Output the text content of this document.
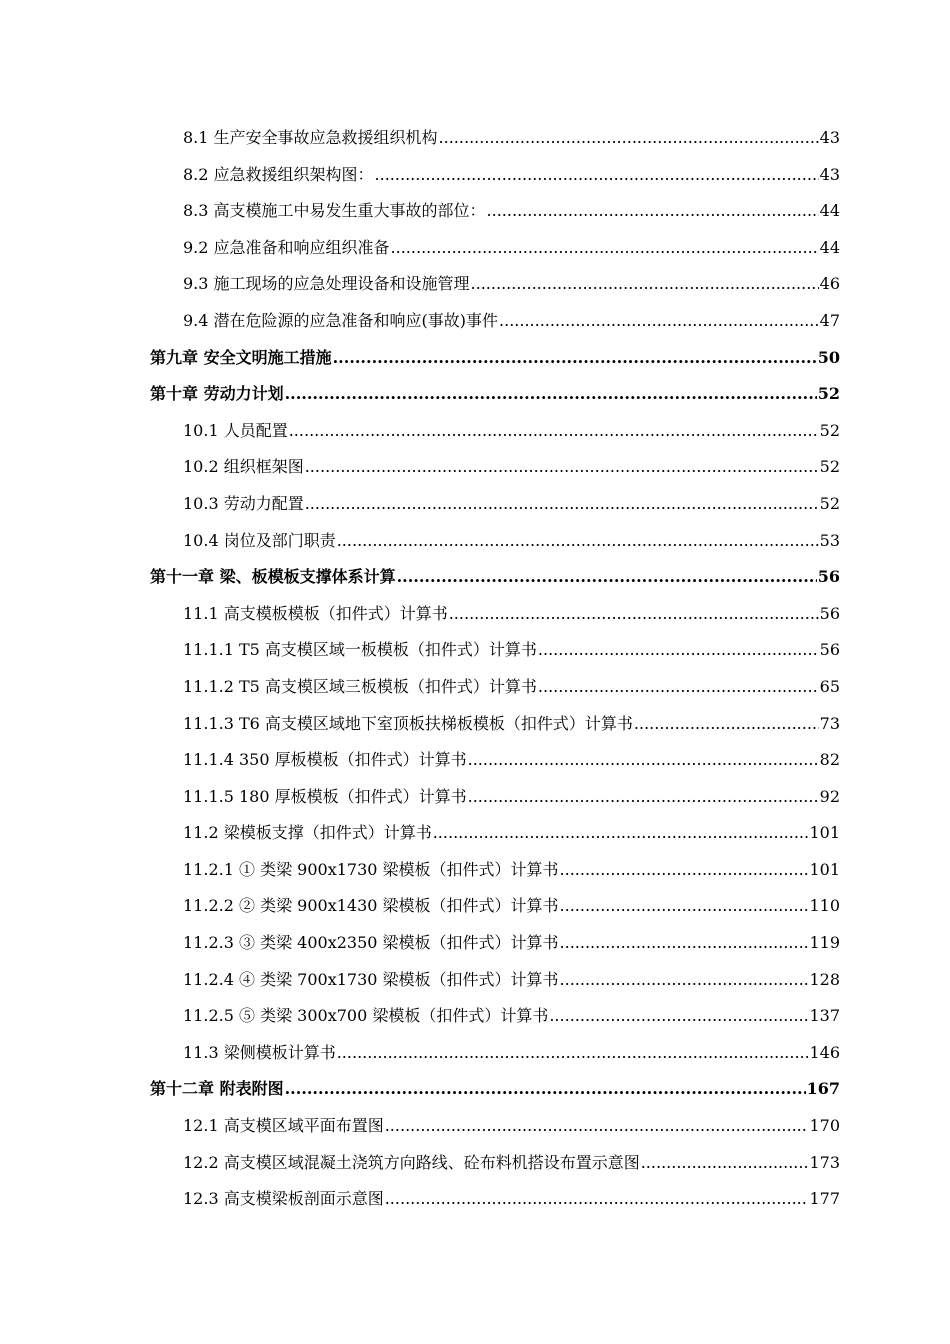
8.1 生产安全事故应急救援组织机构 .....	43
8.2 应急救援组织架构图： .....	43
8.3 高支模施工中易发生重大事故的部位： .....	44
9.2 应急准备和响应组织准备 .....	44
9.3 施工现场的应急处理设备和设施管理 .....	46
9.4 潜在危险源的应急准备和响应(事故)事件 .....	47
第九章 安全文明施工措施 .....	50
第十章 劳动力计划 .....	52
10.1 人员配置 .....	52
10.2 组织框架图 .....	52
10.3 劳动力配置 .....	52
10.4 岗位及部门职责 .....	53
第十一章 梁、板模板支撑体系计算 .....	56
11.1 高支模板模板（扣件式）计算书 .....	56
11.1.1 T5 高支模区域一板模板（扣件式）计算书 .....	56
11.1.2 T5 高支模区域三板模板（扣件式）计算书 .....	65
11.1.3 T6 高支模区域地下室顶板扶梯板模板（扣件式）计算书 .....	73
11.1.4 350 厚板模板（扣件式）计算书 .....	82
11.1.5 180 厚板模板（扣件式）计算书 .....	92
11.2 梁模板支撑（扣件式）计算书 .....	101
11.2.1 ① 类梁 900x1730 梁模板（扣件式）计算书 .....	101
11.2.2 ② 类梁 900x1430 梁模板（扣件式）计算书 .....	110
11.2.3 ③ 类梁 400x2350 梁模板（扣件式）计算书 .....	119
11.2.4 ④ 类梁 700x1730 梁模板（扣件式）计算书 .....	128
11.2.5 ⑤ 类梁 300x700 梁模板（扣件式）计算书 .....	137
11.3 梁侧模板计算书 .....	146
第十二章 附表附图 .....	167
12.1 高支模区域平面布置图 .....	170
12.2 高支模区域混凝土浇筑方向路线、砼布料机搭设布置示意图 .....	173
12.3 高支模梁板剖面示意图 .....	177
